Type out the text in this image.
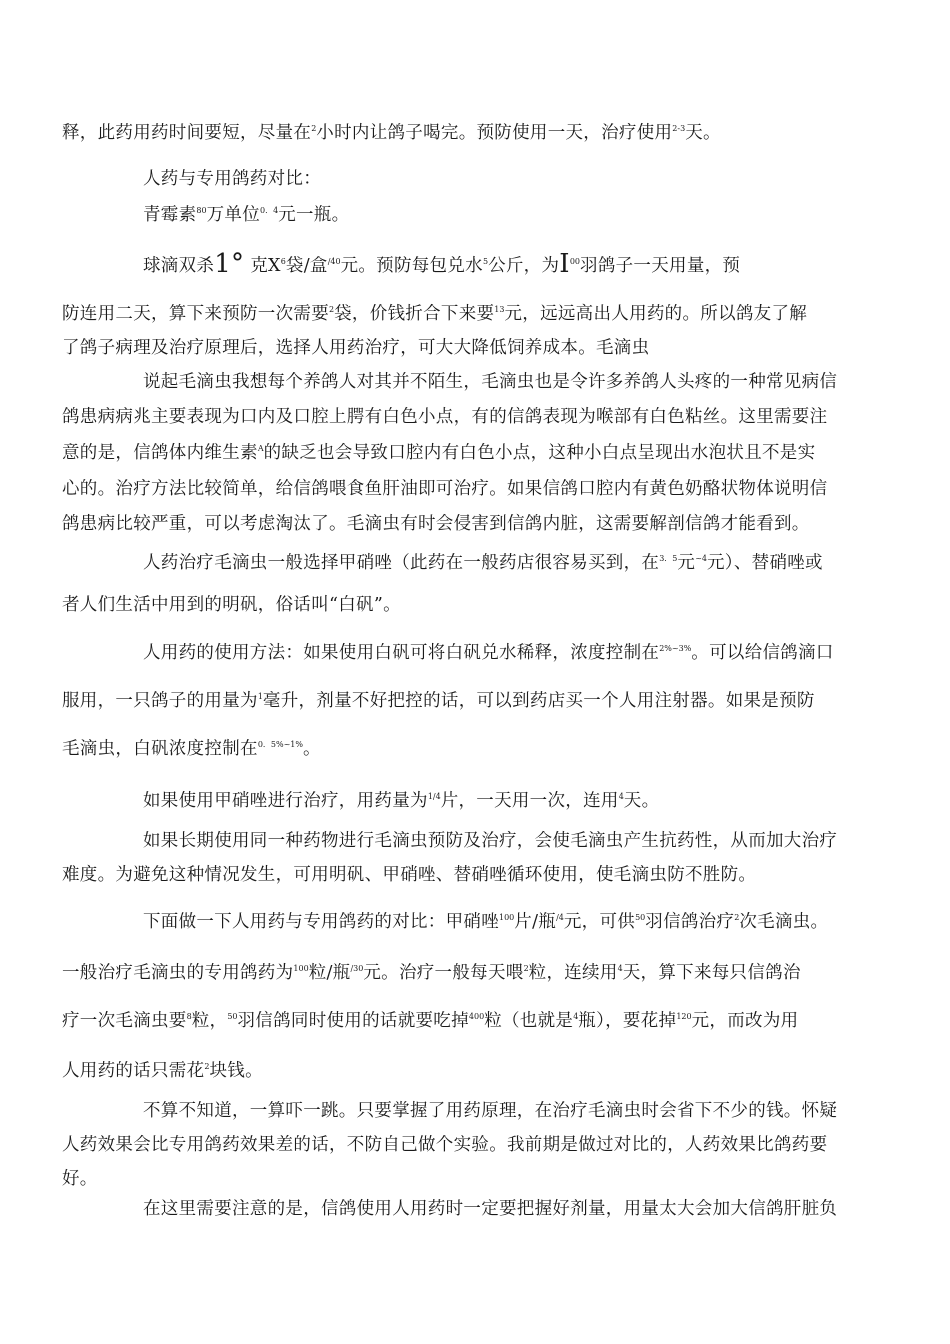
释，此药用药时间要短，尽量在$^2$小时内让鸽子喝完。预防使用一天，治疗使用$^{2-3}$天。
人药与专用鸽药对比：
青霉素$^{80}$万单位$^{0.4}$元一瓶。
球滴双杀1° 克$X^6$袋/盒$^{/40}$元。预防每包兑水$^5$公斤，为$I^{00}$羽鸽子一天用量，预
防连用二天，算下来预防一次需要$^2$袋，价钱折合下来要$^{13}$元，远远高出人用药的。所以鸽友了解
了鸽子病理及治疗原理后，选择人用药治疗，可大大降低饲养成本。毛滴虫
说起毛滴虫我想每个养鸽人对其并不陌生，毛滴虫也是令许多养鸽人头疼的一种常见病信
鸽患病病兆主要表现为口内及口腔上腭有白色小点，有的信鸽表现为喉部有白色粘丝。这里需要注
意的是，信鸽体内维生素$^A$的缺乏也会导致口腔内有白色小点，这种小白点呈现出水泡状且不是实
心的。治疗方法比较简单，给信鸽喂食鱼肝油即可治疗。如果信鸽口腔内有黄色奶酪状物体说明信
鸽患病比较严重，可以考虑淘汰了。毛滴虫有时会侵害到信鸽内脏，这需要解剖信鸽才能看到。
人药治疗毛滴虫一般选择甲硝唑（此药在一般药店很容易买到，在$^{3.5}$元$^{\sim 4}$元）、替硝唑或
者人们生活中用到的明矾，俗话叫“白矾”。
人用药的使用方法：如果使用白矾可将白矾兑水稀释，浓度控制在$^{2\%\sim 3\%}$。可以给信鸽滴口
服用，一只鸽子的用量为$^1$毫升，剂量不好把控的话，可以到药店买一个人用注射器。如果是预防
毛滴虫，白矾浓度控制在$^{0.5\%\sim 1\%}$。
如果使用甲硝唑进行治疗，用药量为$^{1/4}$片，一天用一次，连用$^4$天。
如果长期使用同一种药物进行毛滴虫预防及治疗，会使毛滴虫产生抗药性，从而加大治疗
难度。为避免这种情况发生，可用明矾、甲硝唑、替硝唑循环使用，使毛滴虫防不胜防。
下面做一下人用药与专用鸽药的对比：甲硝唑$^{100}$片/瓶$^{/4}$元，可供$^{50}$羽信鸽治疗$^2$次毛滴虫。
一般治疗毛滴虫的专用鸽药为$^{100}$粒/瓶$^{/30}$元。治疗一般每天喂$^2$粒，连续用$^4$天，算下来每只信鸽治
疗一次毛滴虫要$^8$粒，$^{50}$羽信鸽同时使用的话就要吃掉$^{400}$粒（也就是$^4$瓶），要花掉$^{120}$元，而改为用
人用药的话只需花$^2$块钱。
不算不知道，一算吓一跳。只要掌握了用药原理，在治疗毛滴虫时会省下不少的钱。怀疑
人药效果会比专用鸽药效果差的话，不防自己做个实验。我前期是做过对比的，人药效果比鸽药要
好。
在这里需要注意的是，信鸽使用人用药时一定要把握好剂量，用量太大会加大信鸽肝脏负
